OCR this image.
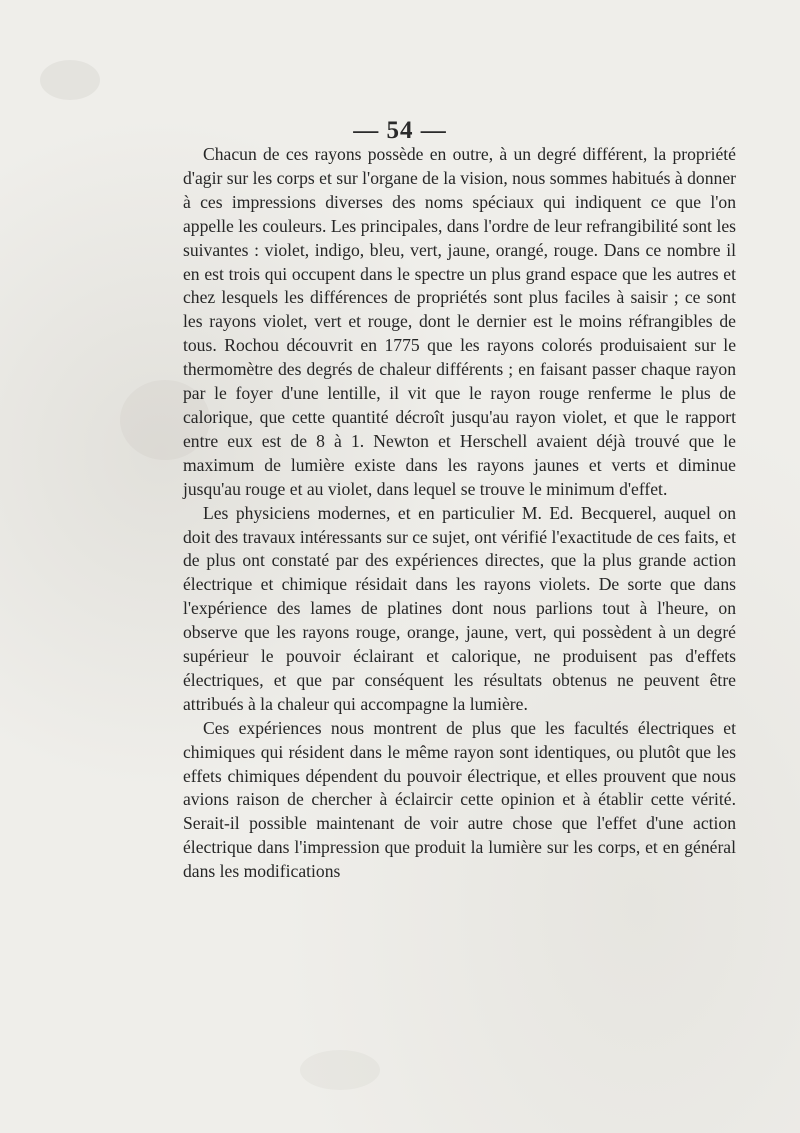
— 54 —

Chacun de ces rayons possède en outre, à un degré différent, la propriété d'agir sur les corps et sur l'organe de la vision, nous sommes habitués à donner à ces impressions diverses des noms spéciaux qui indiquent ce que l'on appelle les couleurs. Les principales, dans l'ordre de leur refrangibilité sont les suivantes : violet, indigo, bleu, vert, jaune, orangé, rouge. Dans ce nombre il en est trois qui occupent dans le spectre un plus grand espace que les autres et chez lesquels les différences de propriétés sont plus faciles à saisir ; ce sont les rayons violet, vert et rouge, dont le dernier est le moins réfrangibles de tous. Rochou découvrit en 1775 que les rayons colorés produisaient sur le thermomètre des degrés de chaleur différents ; en faisant passer chaque rayon par le foyer d'une lentille, il vit que le rayon rouge renferme le plus de calorique, que cette quantité décroît jusqu'au rayon violet, et que le rapport entre eux est de 8 à 1. Newton et Herschell avaient déjà trouvé que le maximum de lumière existe dans les rayons jaunes et verts et diminue jusqu'au rouge et au violet, dans lequel se trouve le minimum d'effet.

Les physiciens modernes, et en particulier M. Ed. Becquerel, auquel on doit des travaux intéressants sur ce sujet, ont vérifié l'exactitude de ces faits, et de plus ont constaté par des expériences directes, que la plus grande action électrique et chimique résidait dans les rayons violets. De sorte que dans l'expérience des lames de platines dont nous parlions tout à l'heure, on observe que les rayons rouge, orange, jaune, vert, qui possèdent à un degré supérieur le pouvoir éclairant et calorique, ne produisent pas d'effets électriques, et que par conséquent les résultats obtenus ne peuvent être attribués à la chaleur qui accompagne la lumière.

Ces expériences nous montrent de plus que les facultés électriques et chimiques qui résident dans le même rayon sont identiques, ou plutôt que les effets chimiques dépendent du pouvoir électrique, et elles prouvent que nous avions raison de chercher à éclaircir cette opinion et à établir cette vérité. Serait-il possible maintenant de voir autre chose que l'effet d'une action électrique dans l'impression que produit la lumière sur les corps, et en général dans les modifications
